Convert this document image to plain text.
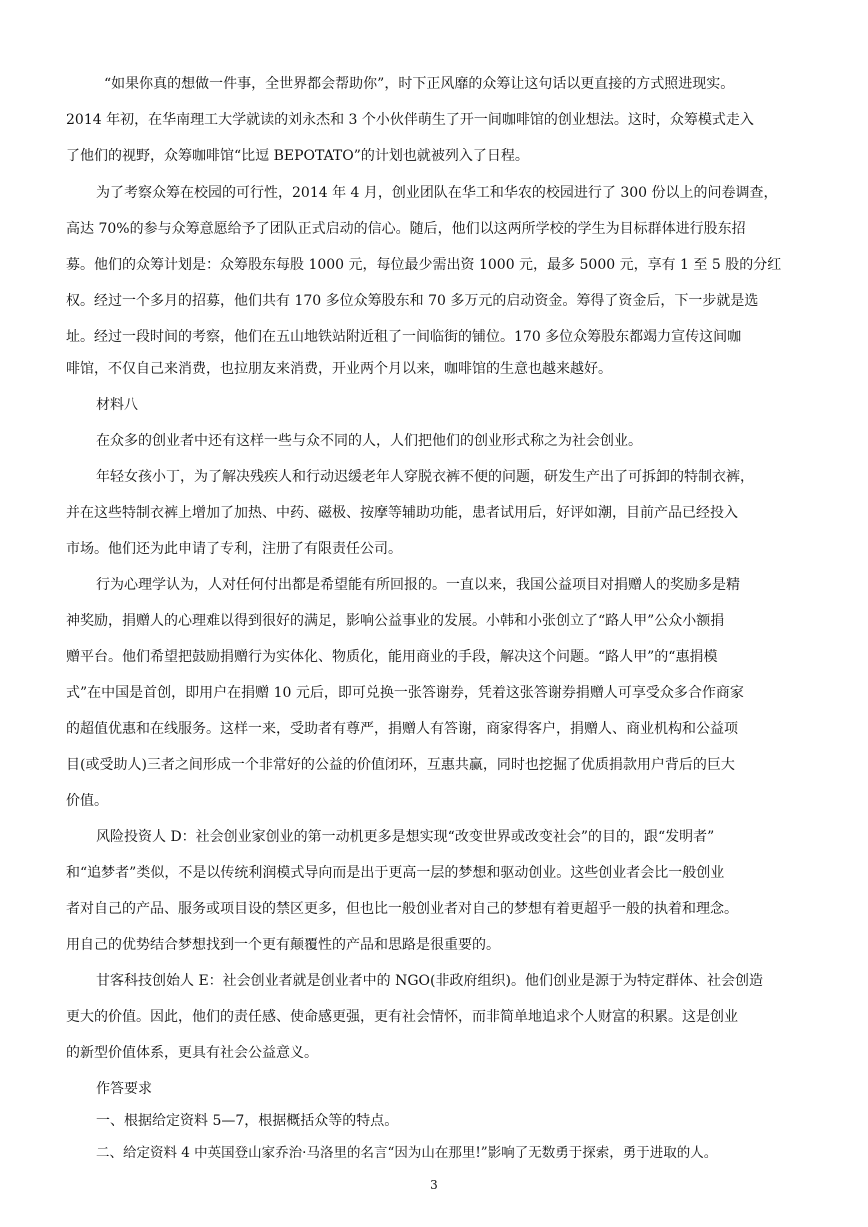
“如果你真的想做一件事，全世界都会帮助你”，时下正风靡的众筹让这句话以更直接的方式照进现实。
2014 年初，在华南理工大学就读的刘永杰和 3 个小伙伴萌生了开一间咖啡馆的创业想法。这时，众筹模式走入
了他们的视野，众筹咖啡馆“比逗 BEPOTATO”的计划也就被列入了日程。
为了考察众筹在校园的可行性，2014 年 4 月，创业团队在华工和华农的校园进行了 300 份以上的问卷调查，
高达 70%的参与众筹意愿给予了团队正式启动的信心。随后，他们以这两所学校的学生为目标群体进行股东招
募。他们的众筹计划是：众筹股东每股 1000 元，每位最少需出资 1000 元，最多 5000 元，享有 1 至 5 股的分红
权。经过一个多月的招募，他们共有 170 多位众筹股东和 70 多万元的启动资金。筹得了资金后，下一步就是选
址。经过一段时间的考察，他们在五山地铁站附近租了一间临街的铺位。170 多位众筹股东都竭力宣传这间咖
啡馆，不仅自己来消费，也拉朋友来消费，开业两个月以来，咖啡馆的生意也越来越好。
材料八
在众多的创业者中还有这样一些与众不同的人，人们把他们的创业形式称之为社会创业。
年轻女孩小丁，为了解决残疾人和行动迟缓老年人穿脱衣裤不便的问题，研发生产出了可拆卸的特制衣裤，
并在这些特制衣裤上增加了加热、中药、磁极、按摩等辅助功能，患者试用后，好评如潮，目前产品已经投入
市场。他们还为此申请了专利，注册了有限责任公司。
行为心理学认为，人对任何付出都是希望能有所回报的。一直以来，我国公益项目对捐赠人的奖励多是精
神奖励，捐赠人的心理难以得到很好的满足，影响公益事业的发展。小韩和小张创立了“路人甲”公众小额捐
赠平台。他们希望把鼓励捐赠行为实体化、物质化，能用商业的手段，解决这个问题。“路人甲”的“惠捐模
式”在中国是首创，即用户在捐赠 10 元后，即可兑换一张答谢券，凭着这张答谢券捐赠人可享受众多合作商家
的超值优惠和在线服务。这样一来，受助者有尊严，捐赠人有答谢，商家得客户，捐赠人、商业机构和公益项
目(或受助人)三者之间形成一个非常好的公益的价值闭环，互惠共赢，同时也挖掘了优质捐款用户背后的巨大
价值。
风险投资人 D：社会创业家创业的第一动机更多是想实现“改变世界或改变社会”的目的，跟“发明者”
和“追梦者”类似，不是以传统利润模式导向而是出于更高一层的梦想和驱动创业。这些创业者会比一般创业
者对自己的产品、服务或项目设的禁区更多，但也比一般创业者对自己的梦想有着更超乎一般的执着和理念。
用自己的优势结合梦想找到一个更有颠覆性的产品和思路是很重要的。
甘客科技创始人 E：社会创业者就是创业者中的 NGO(非政府组织)。他们创业是源于为特定群体、社会创造
更大的价值。因此，他们的责任感、使命感更强，更有社会情怀，而非简单地追求个人财富的积累。这是创业
的新型价值体系，更具有社会公益意义。
作答要求
一、根据给定资料 5—7，根据概括众等的特点。
二、给定资料 4 中英国登山家乔治·马洛里的名言“因为山在那里!”影响了无数勇于探索，勇于进取的人。
3
